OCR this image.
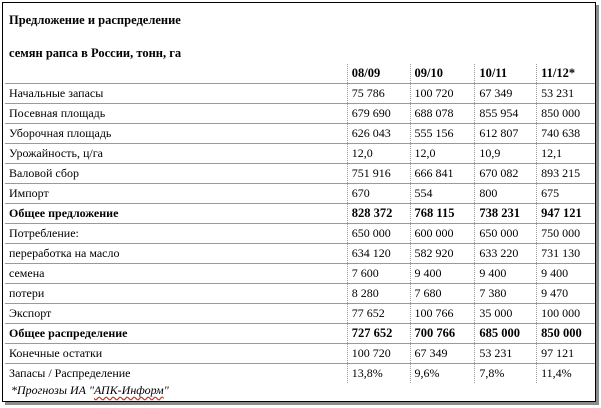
Предложение и распределение
семян рапса в России, тонн, га
	08/09	09/10	10/11	11/12*
Начальные запасы	75 786	100 720	67 349	53 231
Посевная площадь	679 690	688 078	855 954	850 000
Уборочная площадь	626 043	555 156	612 807	740 638
Урожайность, ц/га	12,0	12,0	10,9	12,1
Валовой сбор	751 916	666 841	670 082	893 215
Импорт	670	554	800	675
Общее предложение	828 372	768 115	738 231	947 121
Потребление:	650 000	600 000	650 000	750 000
переработка на масло	634 120	582 920	633 220	731 130
семена	7 600	9 400	9 400	9 400
потери	8 280	7 680	7 380	9 470
Экспорт	77 652	100 766	35 000	100 000
Общее распределение	727 652	700 766	685 000	850 000
Конечные остатки	100 720	67 349	53 231	97 121
Запасы / Распределение	13,8%	9,6%	7,8%	11,4%
*Прогнозы ИА "АПК-Информ"
